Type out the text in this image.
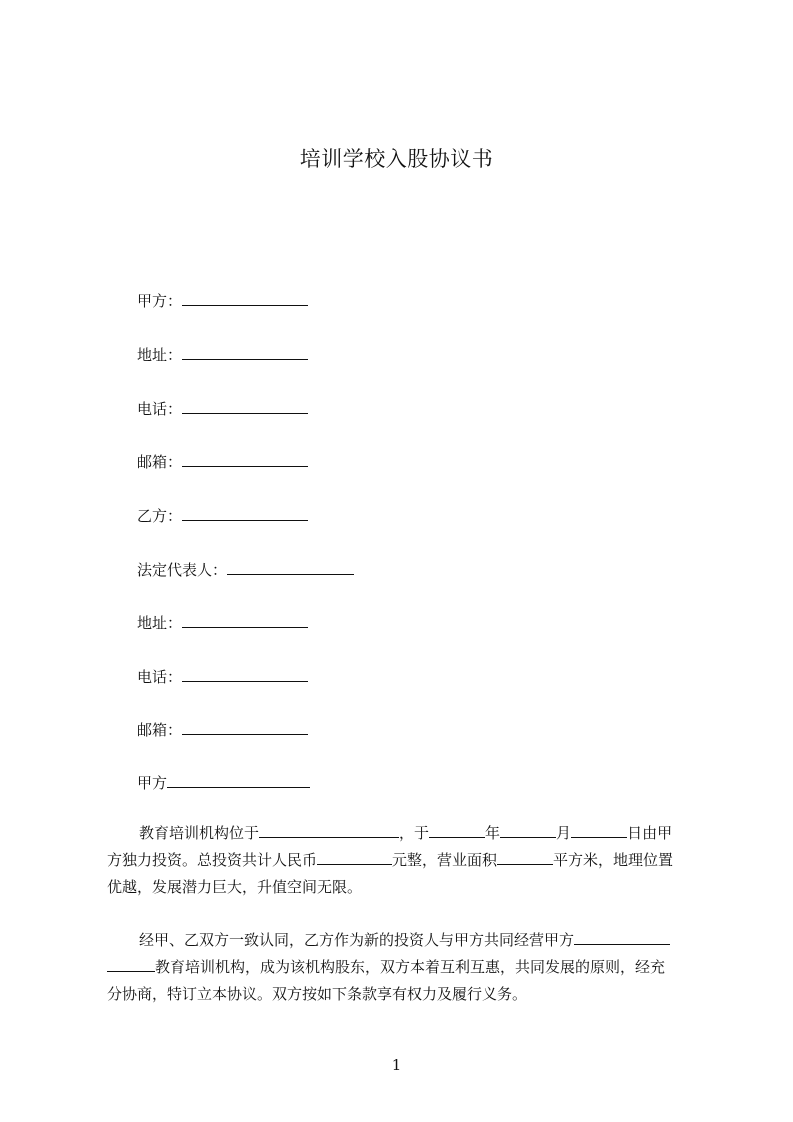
培训学校入股协议书
甲方：
地址：
电话：
邮箱：
乙方：
法定代表人：
地址：
电话：
邮箱：
甲方
教育培训机构位于	，于	年	月	日由甲
方独力投资。总投资共计人民币	元整，营业面积	平方米，地理位置
优越，发展潜力巨大，升值空间无限。
经甲、乙双方一致认同，乙方作为新的投资人与甲方共同经营甲方
教育培训机构，成为该机构股东，双方本着互利互惠，共同发展的原则，经充
分协商，特订立本协议。双方按如下条款享有权力及履行义务。
1
